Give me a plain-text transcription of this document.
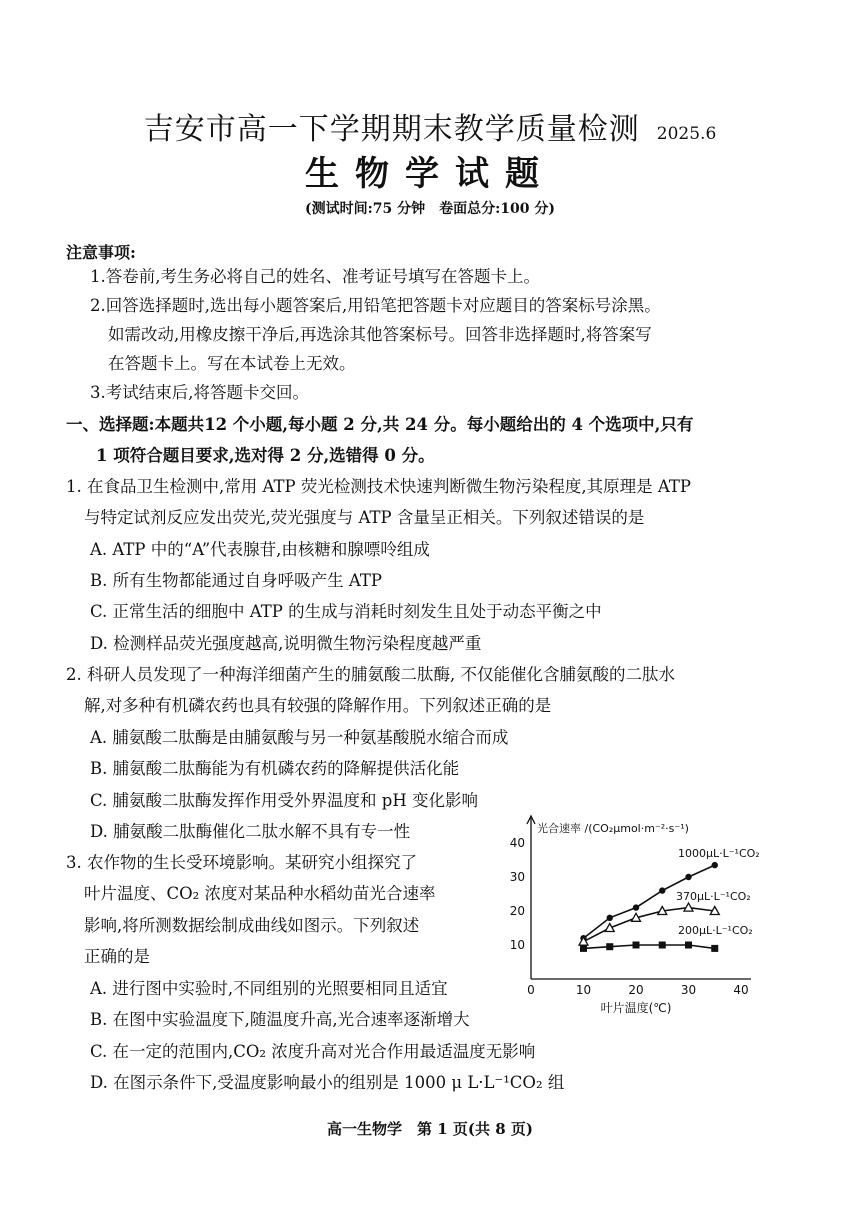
吉安市高一下学期期末教学质量检测 2025.6
生物学试题
(测试时间:75 分钟　卷面总分:100 分)
注意事项:
1.答卷前,考生务必将自己的姓名、准考证号填写在答题卡上。
2.回答选择题时,选出每小题答案后,用铅笔把答题卡对应题目的答案标号涂黑。
如需改动,用橡皮擦干净后,再选涂其他答案标号。回答非选择题时,将答案写
在答题卡上。写在本试卷上无效。
3.考试结束后,将答题卡交回。
一、选择题:本题共12 个小题,每小题 2 分,共 24 分。每小题给出的 4 个选项中,只有
1 项符合题目要求,选对得 2 分,选错得 0 分。
1. 在食品卫生检测中,常用 ATP 荧光检测技术快速判断微生物污染程度,其原理是 ATP
与特定试剂反应发出荧光,荧光强度与 ATP 含量呈正相关。下列叙述错误的是
A. ATP 中的“A”代表腺苷,由核糖和腺嘌呤组成
B. 所有生物都能通过自身呼吸产生 ATP
C. 正常生活的细胞中 ATP 的生成与消耗时刻发生且处于动态平衡之中
D. 检测样品荧光强度越高,说明微生物污染程度越严重
2. 科研人员发现了一种海洋细菌产生的脯氨酸二肽酶, 不仅能催化含脯氨酸的二肽水
解,对多种有机磷农药也具有较强的降解作用。下列叙述正确的是
A. 脯氨酸二肽酶是由脯氨酸与另一种氨基酸脱水缩合而成
B. 脯氨酸二肽酶能为有机磷农药的降解提供活化能
C. 脯氨酸二肽酶发挥作用受外界温度和 pH 变化影响
D. 脯氨酸二肽酶催化二肽水解不具有专一性
3. 农作物的生长受环境影响。某研究小组探究了
叶片温度、CO₂ 浓度对某品种水稻幼苗光合速率
影响,将所测数据绘制成曲线如图示。下列叙述
正确的是
A. 进行图中实验时,不同组别的光照要相同且适宜
B. 在图中实验温度下,随温度升高,光合速率逐渐增大
C. 在一定的范围内,CO₂ 浓度升高对光合作用最适温度无影响
D. 在图示条件下,受温度影响最小的组别是 1000 μ L·L⁻¹CO₂ 组
10
20
30
40
0	10	20	30	40
光合速率 /(CO₂μmol·m⁻²·s⁻¹)
叶片温度(℃)
1000μL·L⁻¹CO₂
370μL·L⁻¹CO₂
200μL·L⁻¹CO₂
高一生物学　第 1 页(共 8 页)
